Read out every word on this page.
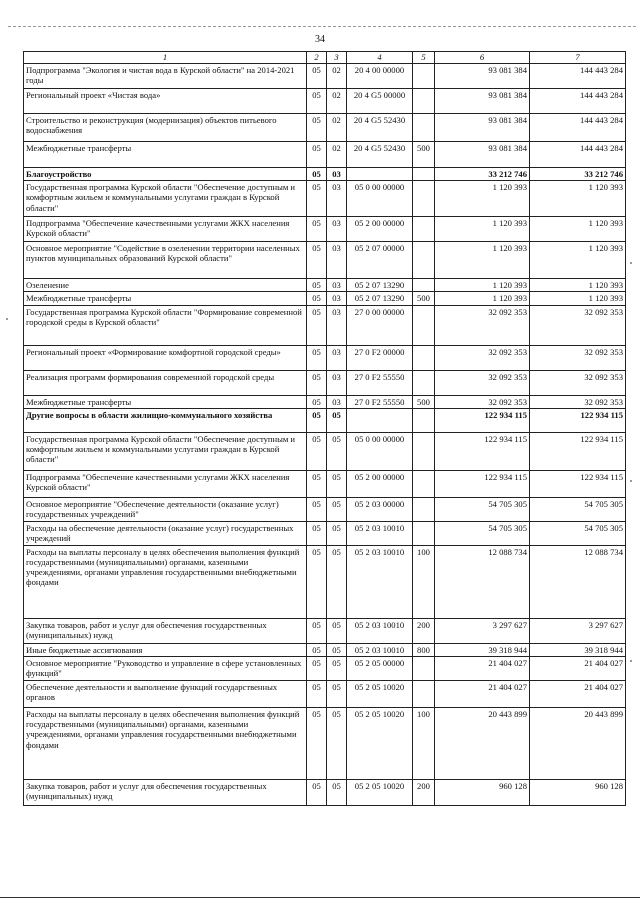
34
1	2	3	4	5	6	7
Подпрограмма "Экология и чистая вода в Курской области" на 2014-2021 годы	05	02	20 4 00 00000		93 081 384	144 443 284
Региональный проект «Чистая вода»	05	02	20 4 G5 00000		93 081 384	144 443 284
Строительство и реконструкция (модернизация) объектов питьевого водоснабжения	05	02	20 4 G5 52430		93 081 384	144 443 284
Межбюджетные трансферты	05	02	20 4 G5 52430	500	93 081 384	144 443 284
Благоустройство	05	03			33 212 746	33 212 746
Государственная программа Курской области "Обеспечение доступным и комфортным жильем и коммунальными услугами граждан в Курской области"	05	03	05 0 00 00000		1 120 393	1 120 393
Подпрограмма "Обеспечение качественными услугами ЖКХ населения Курской области"	05	03	05 2 00 00000		1 120 393	1 120 393
Основное мероприятие "Содействие в озеленении территории населенных пунктов муниципальных образований Курской области"	05	03	05 2 07 00000		1 120 393	1 120 393
Озеленение	05	03	05 2 07 13290		1 120 393	1 120 393
Межбюджетные трансферты	05	03	05 2 07 13290	500	1 120 393	1 120 393
Государственная программа Курской области "Формирование современной городской среды в Курской области"	05	03	27 0 00 00000		32 092 353	32 092 353
Региональный проект «Формирование комфортной городской среды»	05	03	27 0 F2 00000		32 092 353	32 092 353
Реализация программ формирования современной городской среды	05	03	27 0 F2 55550		32 092 353	32 092 353
Межбюджетные трансферты	05	03	27 0 F2 55550	500	32 092 353	32 092 353
Другие вопросы в области жилищно-коммунального хозяйства	05	05			122 934 115	122 934 115
Государственная программа Курской области "Обеспечение доступным и комфортным жильем и коммунальными услугами граждан в Курской области"	05	05	05 0 00 00000		122 934 115	122 934 115
Подпрограмма "Обеспечение качественными услугами ЖКХ населения Курской области"	05	05	05 2 00 00000		122 934 115	122 934 115
Основное мероприятие "Обеспечение деятельности (оказание услуг) государственных учреждений"	05	05	05 2 03 00000		54 705 305	54 705 305
Расходы на обеспечение деятельности (оказание услуг) государственных учреждений	05	05	05 2 03 10010		54 705 305	54 705 305
Расходы на выплаты персоналу в целях обеспечения выполнения функций государственными (муниципальными) органами, казенными учреждениями, органами управления государственными внебюджетными фондами	05	05	05 2 03 10010	100	12 088 734	12 088 734
Закупка товаров, работ и услуг для обеспечения государственных (муниципальных) нужд	05	05	05 2 03 10010	200	3 297 627	3 297 627
Иные бюджетные ассигнования	05	05	05 2 03 10010	800	39 318 944	39 318 944
Основное мероприятие "Руководство и управление в сфере установленных функций"	05	05	05 2 05 00000		21 404 027	21 404 027
Обеспечение деятельности и выполнение функций государственных органов	05	05	05 2 05 10020		21 404 027	21 404 027
Расходы на выплаты персоналу в целях обеспечения выполнения функций государственными (муниципальными) органами, казенными учреждениями, органами управления государственными внебюджетными фондами	05	05	05 2 05 10020	100	20 443 899	20 443 899
Закупка товаров, работ и услуг для обеспечения государственных (муниципальных) нужд	05	05	05 2 05 10020	200	960 128	960 128
